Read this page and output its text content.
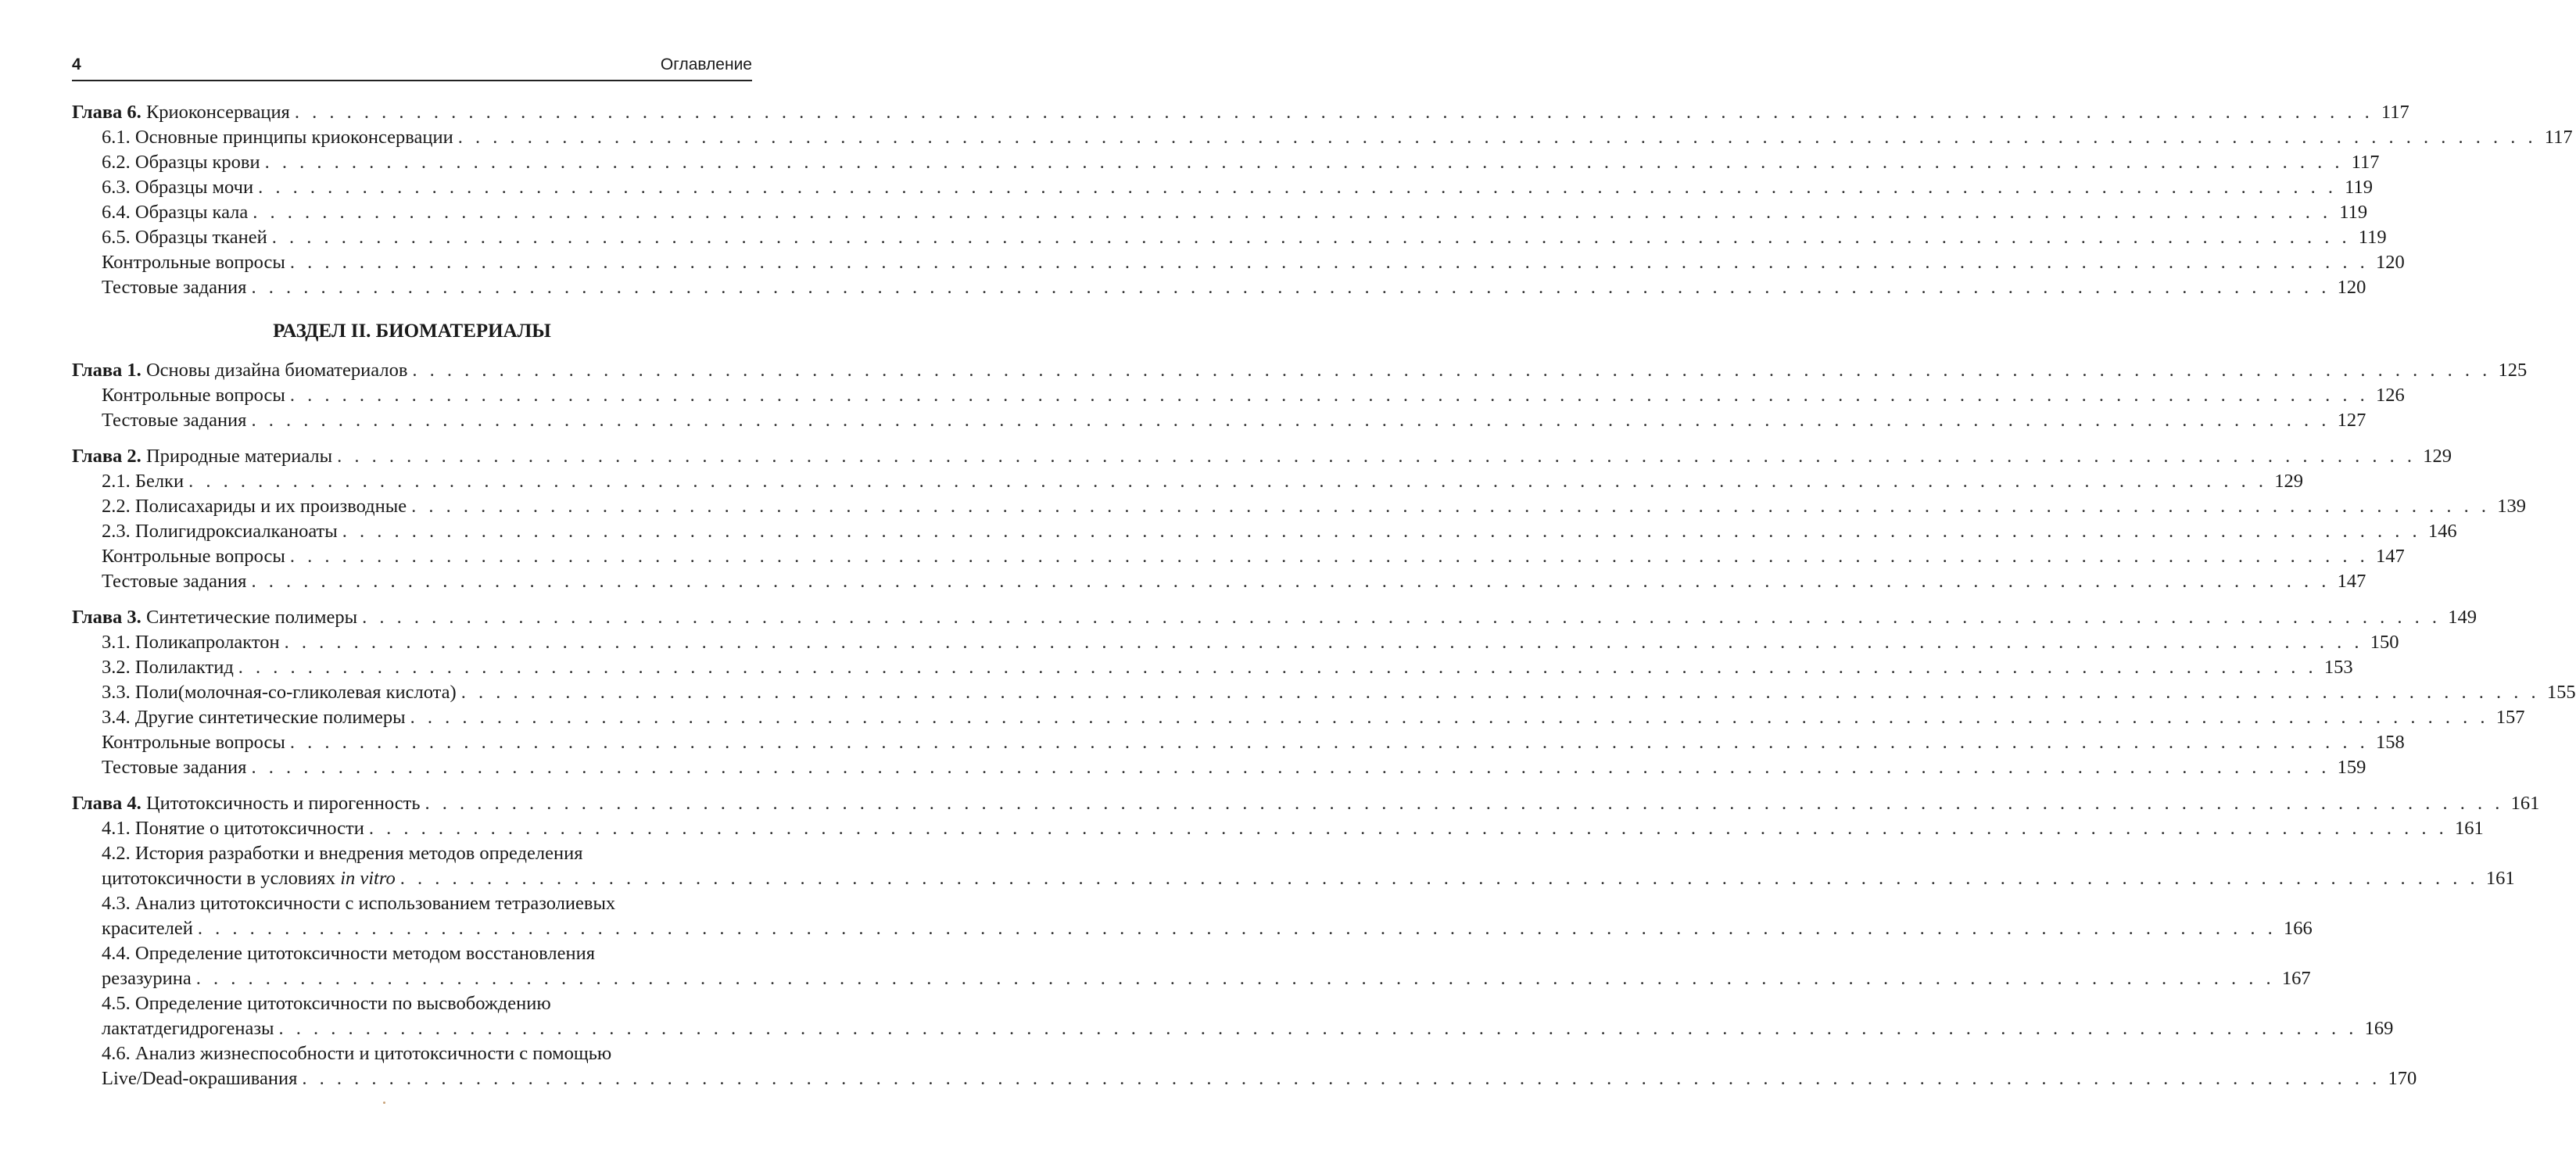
4	Оглавление
Глава 6. Криоконсервация . . . . . . . . . . . . . . . . . . . . . . . . . . . . . . . . . . . . . . . . . . . . . . . . . . . . . . . . . . . . . . . . . . . . . . . . . . . . . . . . . . . . . . . . . . . . . . . . . . . . . . . . . . . . . . . . . . . . . . . . 117
6.1. Основные принципы криоконсервации . . . . . . . . . . . . . . . . . . . . . . . . . . . . . . . . . . . . . . . . . . . . . . . . . . . . . . . . . . . . . . . . . . . . . . . . . . . . . . . . . . . . . . . . . . . . . . . . . . . . . . . . . . . . . . . . . . . . . . . . 117
6.2. Образцы крови . . . . . . . . . . . . . . . . . . . . . . . . . . . . . . . . . . . . . . . . . . . . . . . . . . . . . . . . . . . . . . . . . . . . . . . . . . . . . . . . . . . . . . . . . . . . . . . . . . . . . . . . . . . . . . . . . . . . . . . . 117
6.3. Образцы мочи . . . . . . . . . . . . . . . . . . . . . . . . . . . . . . . . . . . . . . . . . . . . . . . . . . . . . . . . . . . . . . . . . . . . . . . . . . . . . . . . . . . . . . . . . . . . . . . . . . . . . . . . . . . . . . . . . . . . . . . . 119
6.4. Образцы кала . . . . . . . . . . . . . . . . . . . . . . . . . . . . . . . . . . . . . . . . . . . . . . . . . . . . . . . . . . . . . . . . . . . . . . . . . . . . . . . . . . . . . . . . . . . . . . . . . . . . . . . . . . . . . . . . . . . . . . . . 119
6.5. Образцы тканей . . . . . . . . . . . . . . . . . . . . . . . . . . . . . . . . . . . . . . . . . . . . . . . . . . . . . . . . . . . . . . . . . . . . . . . . . . . . . . . . . . . . . . . . . . . . . . . . . . . . . . . . . . . . . . . . . . . . . . . . 119
Контрольные вопросы . . . . . . . . . . . . . . . . . . . . . . . . . . . . . . . . . . . . . . . . . . . . . . . . . . . . . . . . . . . . . . . . . . . . . . . . . . . . . . . . . . . . . . . . . . . . . . . . . . . . . . . . . . . . . . . . . . . . . . . . 120
Тестовые задания . . . . . . . . . . . . . . . . . . . . . . . . . . . . . . . . . . . . . . . . . . . . . . . . . . . . . . . . . . . . . . . . . . . . . . . . . . . . . . . . . . . . . . . . . . . . . . . . . . . . . . . . . . . . . . . . . . . . . . . . 120
РАЗДЕЛ II. БИОМАТЕРИАЛЫ
Глава 1. Основы дизайна биоматериалов . . . . . . . . . . . . . . . . . . . . . . . . . . . . . . . . . . . . . . . . . . . . . . . . . . . . . . . . . . . . . . . . . . . . . . . . . . . . . . . . . . . . . . . . . . . . . . . . . . . . . . . . . . . . . . . . . . . . . . . . 125
Контрольные вопросы . . . . . . . . . . . . . . . . . . . . . . . . . . . . . . . . . . . . . . . . . . . . . . . . . . . . . . . . . . . . . . . . . . . . . . . . . . . . . . . . . . . . . . . . . . . . . . . . . . . . . . . . . . . . . . . . . . . . . . . . 126
Тестовые задания . . . . . . . . . . . . . . . . . . . . . . . . . . . . . . . . . . . . . . . . . . . . . . . . . . . . . . . . . . . . . . . . . . . . . . . . . . . . . . . . . . . . . . . . . . . . . . . . . . . . . . . . . . . . . . . . . . . . . . . . 127
Глава 2. Природные материалы . . . . . . . . . . . . . . . . . . . . . . . . . . . . . . . . . . . . . . . . . . . . . . . . . . . . . . . . . . . . . . . . . . . . . . . . . . . . . . . . . . . . . . . . . . . . . . . . . . . . . . . . . . . . . . . . . . . . . . . . 129
2.1. Белки . . . . . . . . . . . . . . . . . . . . . . . . . . . . . . . . . . . . . . . . . . . . . . . . . . . . . . . . . . . . . . . . . . . . . . . . . . . . . . . . . . . . . . . . . . . . . . . . . . . . . . . . . . . . . . . . . . . . . . . . 129
2.2. Полисахариды и их производные . . . . . . . . . . . . . . . . . . . . . . . . . . . . . . . . . . . . . . . . . . . . . . . . . . . . . . . . . . . . . . . . . . . . . . . . . . . . . . . . . . . . . . . . . . . . . . . . . . . . . . . . . . . . . . . . . . . . . . . . 139
2.3. Полигидроксиалканоаты . . . . . . . . . . . . . . . . . . . . . . . . . . . . . . . . . . . . . . . . . . . . . . . . . . . . . . . . . . . . . . . . . . . . . . . . . . . . . . . . . . . . . . . . . . . . . . . . . . . . . . . . . . . . . . . . . . . . . . . . 146
Контрольные вопросы . . . . . . . . . . . . . . . . . . . . . . . . . . . . . . . . . . . . . . . . . . . . . . . . . . . . . . . . . . . . . . . . . . . . . . . . . . . . . . . . . . . . . . . . . . . . . . . . . . . . . . . . . . . . . . . . . . . . . . . . 147
Тестовые задания . . . . . . . . . . . . . . . . . . . . . . . . . . . . . . . . . . . . . . . . . . . . . . . . . . . . . . . . . . . . . . . . . . . . . . . . . . . . . . . . . . . . . . . . . . . . . . . . . . . . . . . . . . . . . . . . . . . . . . . . 147
Глава 3. Синтетические полимеры . . . . . . . . . . . . . . . . . . . . . . . . . . . . . . . . . . . . . . . . . . . . . . . . . . . . . . . . . . . . . . . . . . . . . . . . . . . . . . . . . . . . . . . . . . . . . . . . . . . . . . . . . . . . . . . . . . . . . . . . 149
3.1. Поликапролактон . . . . . . . . . . . . . . . . . . . . . . . . . . . . . . . . . . . . . . . . . . . . . . . . . . . . . . . . . . . . . . . . . . . . . . . . . . . . . . . . . . . . . . . . . . . . . . . . . . . . . . . . . . . . . . . . . . . . . . . . 150
3.2. Полилактид . . . . . . . . . . . . . . . . . . . . . . . . . . . . . . . . . . . . . . . . . . . . . . . . . . . . . . . . . . . . . . . . . . . . . . . . . . . . . . . . . . . . . . . . . . . . . . . . . . . . . . . . . . . . . . . . . . . . . . . . 153
3.3. Поли(молочная-со-гликолевая кислота) . . . . . . . . . . . . . . . . . . . . . . . . . . . . . . . . . . . . . . . . . . . . . . . . . . . . . . . . . . . . . . . . . . . . . . . . . . . . . . . . . . . . . . . . . . . . . . . . . . . . . . . . . . . . . . . . . . . . . . . . 155
3.4. Другие синтетические полимеры . . . . . . . . . . . . . . . . . . . . . . . . . . . . . . . . . . . . . . . . . . . . . . . . . . . . . . . . . . . . . . . . . . . . . . . . . . . . . . . . . . . . . . . . . . . . . . . . . . . . . . . . . . . . . . . . . . . . . . . . 157
Контрольные вопросы . . . . . . . . . . . . . . . . . . . . . . . . . . . . . . . . . . . . . . . . . . . . . . . . . . . . . . . . . . . . . . . . . . . . . . . . . . . . . . . . . . . . . . . . . . . . . . . . . . . . . . . . . . . . . . . . . . . . . . . . 158
Тестовые задания . . . . . . . . . . . . . . . . . . . . . . . . . . . . . . . . . . . . . . . . . . . . . . . . . . . . . . . . . . . . . . . . . . . . . . . . . . . . . . . . . . . . . . . . . . . . . . . . . . . . . . . . . . . . . . . . . . . . . . . . 159
Глава 4. Цитотоксичность и пирогенность . . . . . . . . . . . . . . . . . . . . . . . . . . . . . . . . . . . . . . . . . . . . . . . . . . . . . . . . . . . . . . . . . . . . . . . . . . . . . . . . . . . . . . . . . . . . . . . . . . . . . . . . . . . . . . . . . . . . . . . . 161
4.1. Понятие о цитотоксичности . . . . . . . . . . . . . . . . . . . . . . . . . . . . . . . . . . . . . . . . . . . . . . . . . . . . . . . . . . . . . . . . . . . . . . . . . . . . . . . . . . . . . . . . . . . . . . . . . . . . . . . . . . . . . . . . . . . . . . . . 161
4.2. История разработки и внедрения методов определения
цитотоксичности в условиях in vitro . . . . . . . . . . . . . . . . . . . . . . . . . . . . . . . . . . . . . . . . . . . . . . . . . . . . . . . . . . . . . . . . . . . . . . . . . . . . . . . . . . . . . . . . . . . . . . . . . . . . . . . . . . . . . . . . . . . . . . . . 161
4.3. Анализ цитотоксичности с использованием тетразолиевых
красителей . . . . . . . . . . . . . . . . . . . . . . . . . . . . . . . . . . . . . . . . . . . . . . . . . . . . . . . . . . . . . . . . . . . . . . . . . . . . . . . . . . . . . . . . . . . . . . . . . . . . . . . . . . . . . . . . . . . . . . . . 166
4.4. Определение цитотоксичности методом восстановления
резазурина . . . . . . . . . . . . . . . . . . . . . . . . . . . . . . . . . . . . . . . . . . . . . . . . . . . . . . . . . . . . . . . . . . . . . . . . . . . . . . . . . . . . . . . . . . . . . . . . . . . . . . . . . . . . . . . . . . . . . . . . 167
4.5. Определение цитотоксичности по высвобождению
лактатдегидрогеназы . . . . . . . . . . . . . . . . . . . . . . . . . . . . . . . . . . . . . . . . . . . . . . . . . . . . . . . . . . . . . . . . . . . . . . . . . . . . . . . . . . . . . . . . . . . . . . . . . . . . . . . . . . . . . . . . . . . . . . . . 169
4.6. Анализ жизнеспособности и цитотоксичности с помощью
Live/Dead-окрашивания . . . . . . . . . . . . . . . . . . . . . . . . . . . . . . . . . . . . . . . . . . . . . . . . . . . . . . . . . . . . . . . . . . . . . . . . . . . . . . . . . . . . . . . . . . . . . . . . . . . . . . . . . . . . . . . . . . . . . . . . 170
